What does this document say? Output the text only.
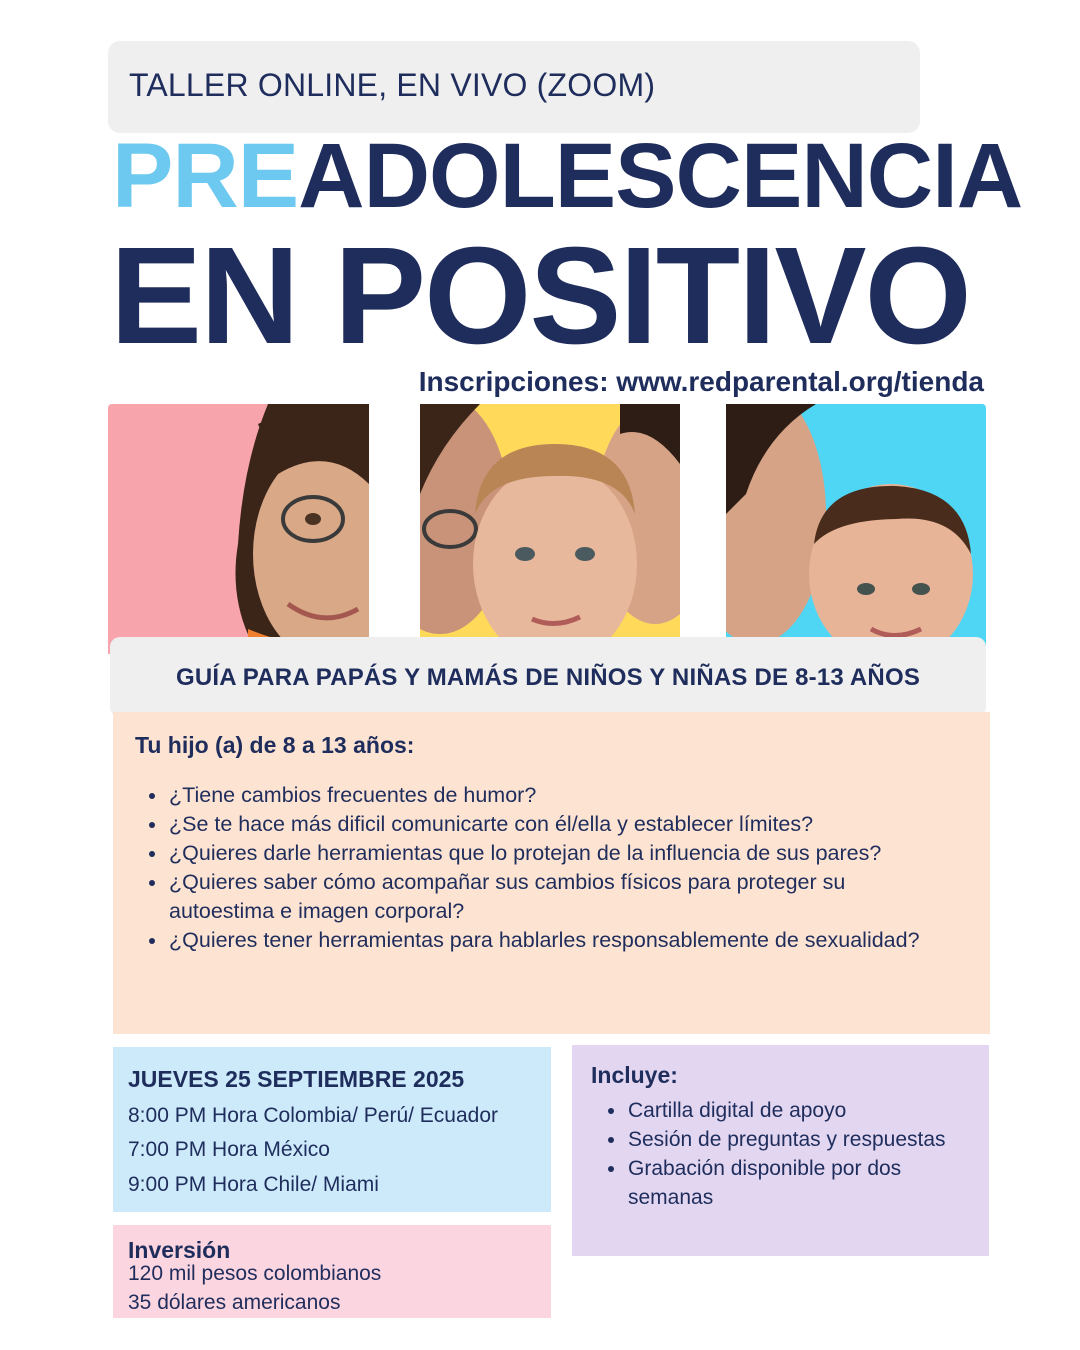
TALLER ONLINE, EN VIVO (ZOOM)
PREADOLESCENCIA
EN POSITIVO
Inscripciones: www.redparental.org/tienda
GUÍA PARA PAPÁS Y MAMÁS DE NIÑOS Y NIÑAS DE 8-13 AÑOS
Tu hijo (a) de 8 a 13 años:
¿Tiene cambios frecuentes de humor?
¿Se te hace más dificil comunicarte con él/ella y establecer límites?
¿Quieres darle herramientas que lo protejan de la influencia de sus pares?
¿Quieres saber cómo acompañar sus cambios físicos para proteger su autoestima e imagen corporal?
¿Quieres tener herramientas para hablarles responsablemente de sexualidad?
JUEVES 25 SEPTIEMBRE 2025
8:00 PM Hora Colombia/ Perú/ Ecuador
7:00 PM Hora México
9:00 PM Hora Chile/ Miami
Inversión
120 mil pesos colombianos
35 dólares americanos
Incluye:
Cartilla digital de apoyo
Sesión de preguntas y respuestas
Grabación disponible por dos semanas
